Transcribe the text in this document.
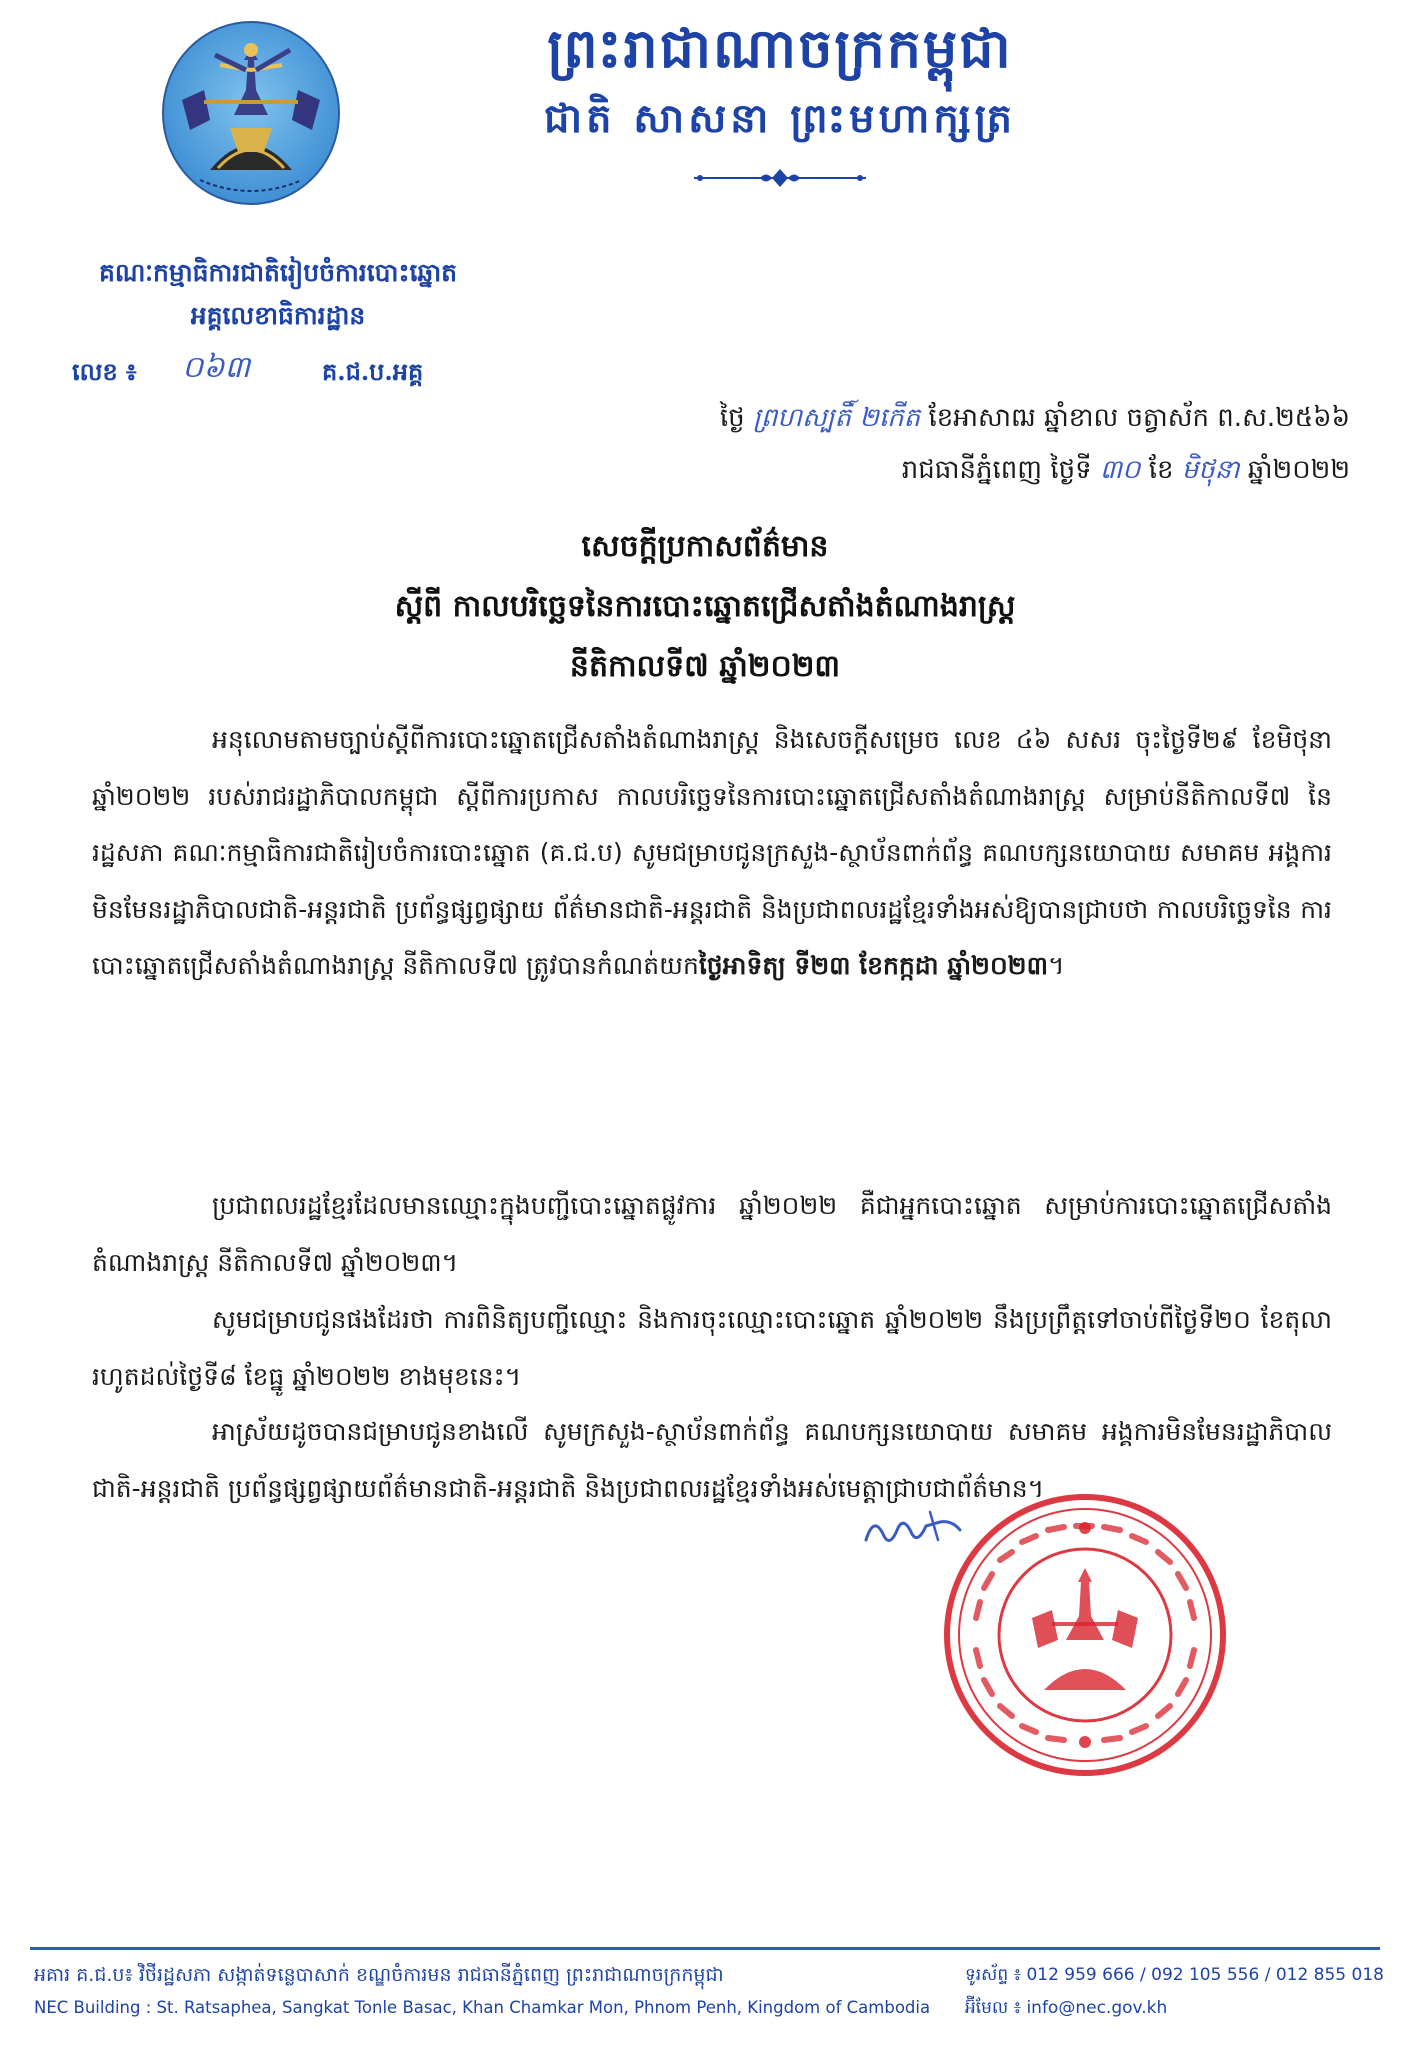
ព្រះរាជាណាចក្រកម្ពុជា
ជាតិ សាសនា ព្រះមហាក្សត្រ
គណៈកម្មាធិការជាតិរៀបចំការបោះឆ្នោត
អគ្គលេខាធិការដ្ឋាន
លេខ ៖ ០៦៣	គ.ជ.ប.អគ្គ
ថ្ងៃ ព្រហស្បតិ៍ ២កើត ខែអាសាឍ ឆ្នាំខាល ចត្វាស័ក ព.ស.២៥៦៦
រាជធានីភ្នំពេញ ថ្ងៃទី ៣០ ខែ មិថុនា ឆ្នាំ២០២២
សេចក្តីប្រកាសព័ត៌មាន
ស្តីពី កាលបរិច្ឆេទនៃការបោះឆ្នោតជ្រើសតាំងតំណាងរាស្ត្រ
នីតិកាលទី៧ ឆ្នាំ២០២៣
អនុលោមតាមច្បាប់ស្តីពីការបោះឆ្នោតជ្រើសតាំងតំណាងរាស្ត្រ និងសេចក្តីសម្រេច លេខ ៤៦ សសរ ចុះថ្ងៃទី២៩ ខែមិថុនា ឆ្នាំ២០២២ របស់រាជរដ្ឋាភិបាលកម្ពុជា ស្តីពីការប្រកាស កាលបរិច្ឆេទនៃការបោះឆ្នោតជ្រើសតាំងតំណាងរាស្ត្រ សម្រាប់នីតិកាលទី៧ នៃរដ្ឋសភា គណៈកម្មាធិការជាតិរៀបចំការបោះឆ្នោត (គ.ជ.ប) សូមជម្រាបជូនក្រសួង-ស្ថាប័នពាក់ព័ន្ធ គណបក្សនយោបាយ សមាគម អង្គការមិនមែនរដ្ឋាភិបាលជាតិ-អន្តរជាតិ ប្រព័ន្ធផ្សព្វផ្សាយ ព័ត៌មានជាតិ-អន្តរជាតិ និងប្រជាពលរដ្ឋខ្មែរទាំងអស់ឱ្យបានជ្រាបថា កាលបរិច្ឆេទនៃ ការបោះឆ្នោតជ្រើសតាំងតំណាងរាស្ត្រ នីតិកាលទី៧ ត្រូវបានកំណត់យកថ្ងៃអាទិត្យ ទី២៣ ខែកក្កដា ឆ្នាំ២០២៣។
ប្រជាពលរដ្ឋខ្មែរដែលមានឈ្មោះក្នុងបញ្ជីបោះឆ្នោតផ្លូវការ ឆ្នាំ២០២២ គឺជាអ្នកបោះឆ្នោត សម្រាប់ការបោះឆ្នោតជ្រើសតាំងតំណាងរាស្ត្រ នីតិកាលទី៧ ឆ្នាំ២០២៣។
សូមជម្រាបជូនផងដែរថា ការពិនិត្យបញ្ជីឈ្មោះ និងការចុះឈ្មោះបោះឆ្នោត ឆ្នាំ២០២២ នឹងប្រព្រឹត្តទៅចាប់ពីថ្ងៃទី២០ ខែតុលា រហូតដល់ថ្ងៃទី៨ ខែធ្នូ ឆ្នាំ២០២២ ខាងមុខនេះ។
អាស្រ័យដូចបានជម្រាបជូនខាងលើ សូមក្រសួង-ស្ថាប័នពាក់ព័ន្ធ គណបក្សនយោបាយ សមាគម អង្គការមិនមែនរដ្ឋាភិបាលជាតិ-អន្តរជាតិ ប្រព័ន្ធផ្សព្វផ្សាយព័ត៌មានជាតិ-អន្តរជាតិ និងប្រជាពលរដ្ឋខ្មែរទាំងអស់មេត្តាជ្រាបជាព័ត៌មាន។
អគារ គ.ជ.ប៖ វិថីរដ្ឋសភា សង្កាត់ទន្លេបាសាក់ ខណ្ឌចំការមន រាជធានីភ្នំពេញ ព្រះរាជាណាចក្រកម្ពុជា
NEC Building : St. Ratsaphea, Sangkat Tonle Basac, Khan Chamkar Mon, Phnom Penh, Kingdom of Cambodia
ទូរស័ព្ទ ៖ 012 959 666 / 092 105 556 / 012 855 018
អ៊ីមែល ៖ info@nec.gov.kh
